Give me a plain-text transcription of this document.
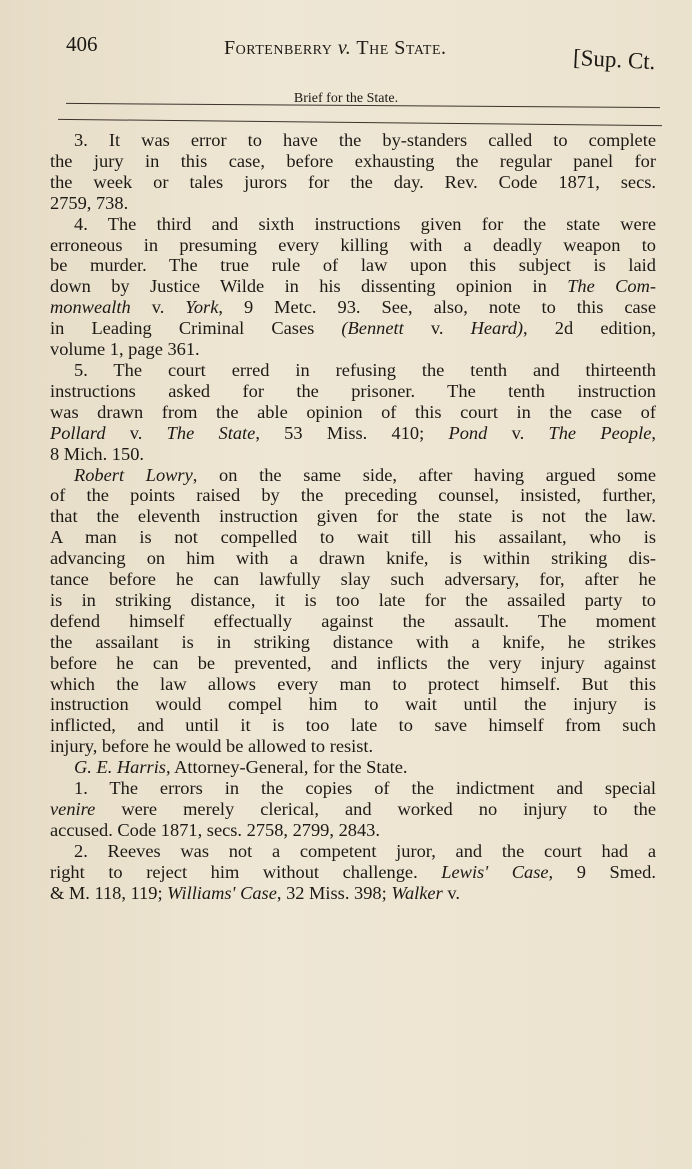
406	Fortenberry v. The State.	[Sup. Ct.
Brief for the State.

3. It was error to have the by-standers called to complete
the jury in this case, before exhausting the regular panel for
the week or tales jurors for the day. Rev. Code 1871, secs.
2759, 738.

4. The third and sixth instructions given for the state were
erroneous in presuming every killing with a deadly weapon to
be murder. The true rule of law upon this subject is laid
down by Justice Wilde in his dissenting opinion in The Com-
monwealth v. York, 9 Metc. 93. See, also, note to this case
in Leading Criminal Cases (Bennett v. Heard), 2d edition,
volume 1, page 361.

5. The court erred in refusing the tenth and thirteenth
instructions asked for the prisoner. The tenth instruction
was drawn from the able opinion of this court in the case of
Pollard v. The State, 53 Miss. 410; Pond v. The People,
8 Mich. 150.

Robert Lowry, on the same side, after having argued some
of the points raised by the preceding counsel, insisted, further,
that the eleventh instruction given for the state is not the law.
A man is not compelled to wait till his assailant, who is
advancing on him with a drawn knife, is within striking dis-
tance before he can lawfully slay such adversary, for, after he
is in striking distance, it is too late for the assailed party to
defend himself effectually against the assault. The moment
the assailant is in striking distance with a knife, he strikes
before he can be prevented, and inflicts the very injury against
which the law allows every man to protect himself. But this
instruction would compel him to wait until the injury is
inflicted, and until it is too late to save himself from such
injury, before he would be allowed to resist.

G. E. Harris, Attorney-General, for the State.

1. The errors in the copies of the indictment and special
venire were merely clerical, and worked no injury to the
accused. Code 1871, secs. 2758, 2799, 2843.

2. Reeves was not a competent juror, and the court had a
right to reject him without challenge. Lewis' Case, 9 Smed.
& M. 118, 119; Williams' Case, 32 Miss. 398; Walker v.
